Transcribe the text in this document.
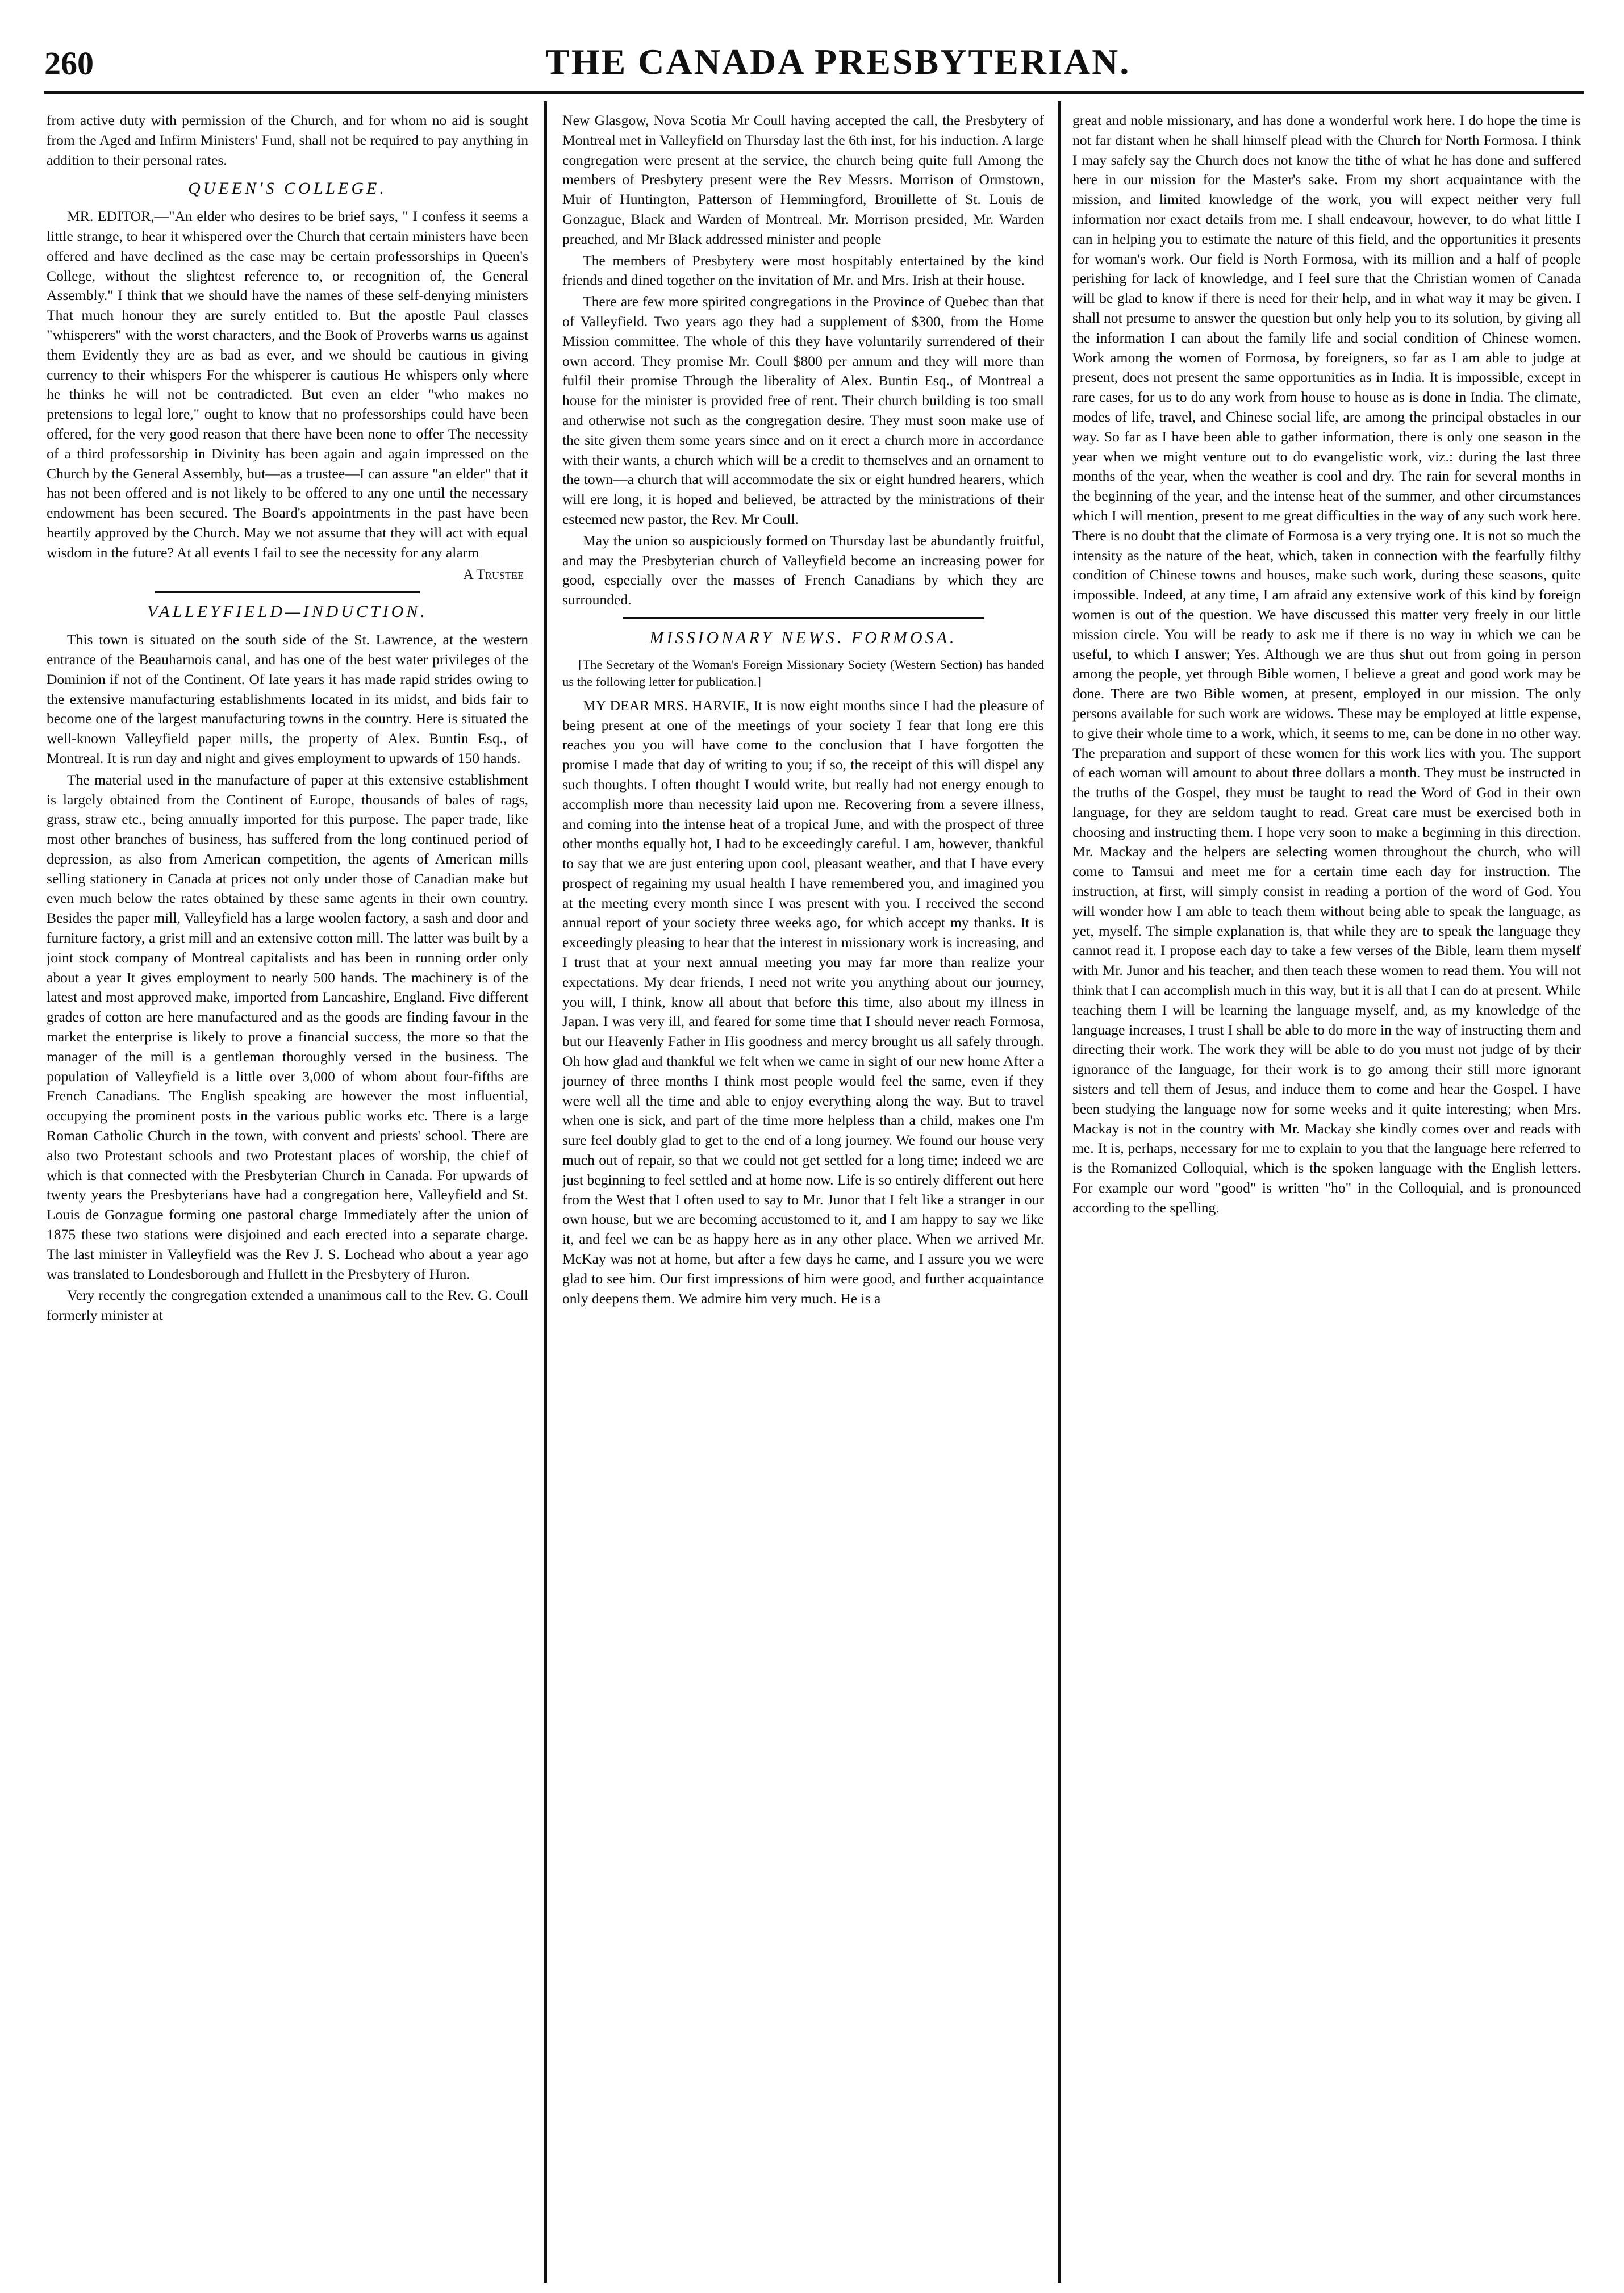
260	THE CANADA PRESBYTERIAN.

from active duty with permission of the Church, and for whom no aid is sought from the Aged and Infirm Ministers' Fund, shall not be required to pay anything in addition to their personal rates.

QUEEN'S COLLEGE.

MR. EDITOR,—"An elder who desires to be brief says, " I confess it seems a little strange, to hear it whispered over the Church that certain ministers have been offered and have declined as the case may be certain professorships in Queen's College, without the slightest reference to, or recognition of, the General Assembly." I think that we should have the names of these self-denying ministers That much honour they are surely entitled to. But the apostle Paul classes "whisperers" with the worst characters, and the Book of Proverbs warns us against them Evidently they are as bad as ever, and we should be cautious in giving currency to their whispers For the whisperer is cautious He whispers only where he thinks he will not be contradicted. But even an elder "who makes no pretensions to legal lore," ought to know that no professorships could have been offered, for the very good reason that there have been none to offer The necessity of a third professorship in Divinity has been again and again impressed on the Church by the General Assembly, but—as a trustee—I can assure "an elder" that it has not been offered and is not likely to be offered to any one until the necessary endowment has been secured. The Board's appointments in the past have been heartily approved by the Church. May we not assume that they will act with equal wisdom in the future? At all events I fail to see the necessity for any alarm

A Trustee
VALLEYFIELD—INDUCTION.

This town is situated on the south side of the St. Lawrence, at the western entrance of the Beauharnois canal, and has one of the best water privileges of the Dominion if not of the Continent. Of late years it has made rapid strides owing to the extensive manufacturing establishments located in its midst, and bids fair to become one of the largest manufacturing towns in the country. Here is situated the well-known Valleyfield paper mills, the property of Alex. Buntin Esq., of Montreal. It is run day and night and gives employment to upwards of 150 hands.

The material used in the manufacture of paper at this extensive establishment is largely obtained from the Continent of Europe, thousands of bales of rags, grass, straw etc., being annually imported for this purpose. The paper trade, like most other branches of business, has suffered from the long continued period of depression, as also from American competition, the agents of American mills selling stationery in Canada at prices not only under those of Canadian make but even much below the rates obtained by these same agents in their own country. Besides the paper mill, Valleyfield has a large woolen factory, a sash and door and furniture factory, a grist mill and an extensive cotton mill. The latter was built by a joint stock company of Montreal capitalists and has been in running order only about a year It gives employment to nearly 500 hands. The machinery is of the latest and most approved make, imported from Lancashire, England. Five different grades of cotton are here manufactured and as the goods are finding favour in the market the enterprise is likely to prove a financial success, the more so that the manager of the mill is a gentleman thoroughly versed in the business. The population of Valleyfield is a little over 3,000 of whom about four-fifths are French Canadians. The English speaking are however the most influential, occupying the prominent posts in the various public works etc. There is a large Roman Catholic Church in the town, with convent and priests' school. There are also two Protestant schools and two Protestant places of worship, the chief of which is that connected with the Presbyterian Church in Canada. For upwards of twenty years the Presbyterians have had a congregation here, Valleyfield and St. Louis de Gonzague forming one pastoral charge Immediately after the union of 1875 these two stations were disjoined and each erected into a separate charge. The last minister in Valleyfield was the Rev J. S. Lochead who about a year ago was translated to Londesborough and Hullett in the Presbytery of Huron.

Very recently the congregation extended a unanimous call to the Rev. G. Coull formerly minister at

New Glasgow, Nova Scotia Mr Coull having accepted the call, the Presbytery of Montreal met in Valleyfield on Thursday last the 6th inst, for his induction. A large congregation were present at the service, the church being quite full Among the members of Presbytery present were the Rev Messrs. Morrison of Ormstown, Muir of Huntington, Patterson of Hemmingford, Brouillette of St. Louis de Gonzague, Black and Warden of Montreal. Mr. Morrison presided, Mr. Warden preached, and Mr Black addressed minister and people

The members of Presbytery were most hospitably entertained by the kind friends and dined together on the invitation of Mr. and Mrs. Irish at their house.

There are few more spirited congregations in the Province of Quebec than that of Valleyfield. Two years ago they had a supplement of $300, from the Home Mission committee. The whole of this they have voluntarily surrendered of their own accord. They promise Mr. Coull $800 per annum and they will more than fulfil their promise Through the liberality of Alex. Buntin Esq., of Montreal a house for the minister is provided free of rent. Their church building is too small and otherwise not such as the congregation desire. They must soon make use of the site given them some years since and on it erect a church more in accordance with their wants, a church which will be a credit to themselves and an ornament to the town—a church that will accommodate the six or eight hundred hearers, which will ere long, it is hoped and believed, be attracted by the ministrations of their esteemed new pastor, the Rev. Mr Coull.

May the union so auspiciously formed on Thursday last be abundantly fruitful, and may the Presbyterian church of Valleyfield become an increasing power for good, especially over the masses of French Canadians by which they are surrounded.

MISSIONARY NEWS. FORMOSA.

[The Secretary of the Woman's Foreign Missionary Society (Western Section) has handed us the following letter for publication.]

MY DEAR MRS. HARVIE, It is now eight months since I had the pleasure of being present at one of the meetings of your society I fear that long ere this reaches you you will have come to the conclusion that I have forgotten the promise I made that day of writing to you; if so, the receipt of this will dispel any such thoughts. I often thought I would write, but really had not energy enough to accomplish more than necessity laid upon me. Recovering from a severe illness, and coming into the intense heat of a tropical June, and with the prospect of three other months equally hot, I had to be exceedingly careful. I am, however, thankful to say that we are just entering upon cool, pleasant weather, and that I have every prospect of regaining my usual health I have remembered you, and imagined you at the meeting every month since I was present with you. I received the second annual report of your society three weeks ago, for which accept my thanks. It is exceedingly pleasing to hear that the interest in missionary work is increasing, and I trust that at your next annual meeting you may far more than realize your expectations. My dear friends, I need not write you anything about our journey, you will, I think, know all about that before this time, also about my illness in Japan. I was very ill, and feared for some time that I should never reach Formosa, but our Heavenly Father in His goodness and mercy brought us all safely through. Oh how glad and thankful we felt when we came in sight of our new home After a journey of three months I think most people would feel the same, even if they were well all the time and able to enjoy everything along the way. But to travel when one is sick, and part of the time more helpless than a child, makes one I'm sure feel doubly glad to get to the end of a long journey. We found our house very much out of repair, so that we could not get settled for a long time; indeed we are just beginning to feel settled and at home now. Life is so entirely different out here from the West that I often used to say to Mr. Junor that I felt like a stranger in our own house, but we are becoming accustomed to it, and I am happy to say we like it, and feel we can be as happy here as in any other place. When we arrived Mr. McKay was not at home, but after a few days he came, and I assure you we were glad to see him. Our first impressions of him were good, and further acquaintance only deepens them. We admire him very much. He is a

great and noble missionary, and has done a wonderful work here. I do hope the time is not far distant when he shall himself plead with the Church for North Formosa. I think I may safely say the Church does not know the tithe of what he has done and suffered here in our mission for the Master's sake. From my short acquaintance with the mission, and limited knowledge of the work, you will expect neither very full information nor exact details from me. I shall endeavour, however, to do what little I can in helping you to estimate the nature of this field, and the opportunities it presents for woman's work. Our field is North Formosa, with its million and a half of people perishing for lack of knowledge, and I feel sure that the Christian women of Canada will be glad to know if there is need for their help, and in what way it may be given. I shall not presume to answer the question but only help you to its solution, by giving all the information I can about the family life and social condition of Chinese women. Work among the women of Formosa, by foreigners, so far as I am able to judge at present, does not present the same opportunities as in India. It is impossible, except in rare cases, for us to do any work from house to house as is done in India. The climate, modes of life, travel, and Chinese social life, are among the principal obstacles in our way. So far as I have been able to gather information, there is only one season in the year when we might venture out to do evangelistic work, viz.: during the last three months of the year, when the weather is cool and dry. The rain for several months in the beginning of the year, and the intense heat of the summer, and other circumstances which I will mention, present to me great difficulties in the way of any such work here. There is no doubt that the climate of Formosa is a very trying one. It is not so much the intensity as the nature of the heat, which, taken in connection with the fearfully filthy condition of Chinese towns and houses, make such work, during these seasons, quite impossible. Indeed, at any time, I am afraid any extensive work of this kind by foreign women is out of the question. We have discussed this matter very freely in our little mission circle. You will be ready to ask me if there is no way in which we can be useful, to which I answer; Yes. Although we are thus shut out from going in person among the people, yet through Bible women, I believe a great and good work may be done. There are two Bible women, at present, employed in our mission. The only persons available for such work are widows. These may be employed at little expense, to give their whole time to a work, which, it seems to me, can be done in no other way. The preparation and support of these women for this work lies with you. The support of each woman will amount to about three dollars a month. They must be instructed in the truths of the Gospel, they must be taught to read the Word of God in their own language, for they are seldom taught to read. Great care must be exercised both in choosing and instructing them. I hope very soon to make a beginning in this direction. Mr. Mackay and the helpers are selecting women throughout the church, who will come to Tamsui and meet me for a certain time each day for instruction. The instruction, at first, will simply consist in reading a portion of the word of God. You will wonder how I am able to teach them without being able to speak the language, as yet, myself. The simple explanation is, that while they are to speak the language they cannot read it. I propose each day to take a few verses of the Bible, learn them myself with Mr. Junor and his teacher, and then teach these women to read them. You will not think that I can accomplish much in this way, but it is all that I can do at present. While teaching them I will be learning the language myself, and, as my knowledge of the language increases, I trust I shall be able to do more in the way of instructing them and directing their work. The work they will be able to do you must not judge of by their ignorance of the language, for their work is to go among their still more ignorant sisters and tell them of Jesus, and induce them to come and hear the Gospel. I have been studying the language now for some weeks and it quite interesting; when Mrs. Mackay is not in the country with Mr. Mackay she kindly comes over and reads with me. It is, perhaps, necessary for me to explain to you that the language here referred to is the Romanized Colloquial, which is the spoken language with the English letters. For example our word "good" is written "ho" in the Colloquial, and is pronounced according to the spelling.
